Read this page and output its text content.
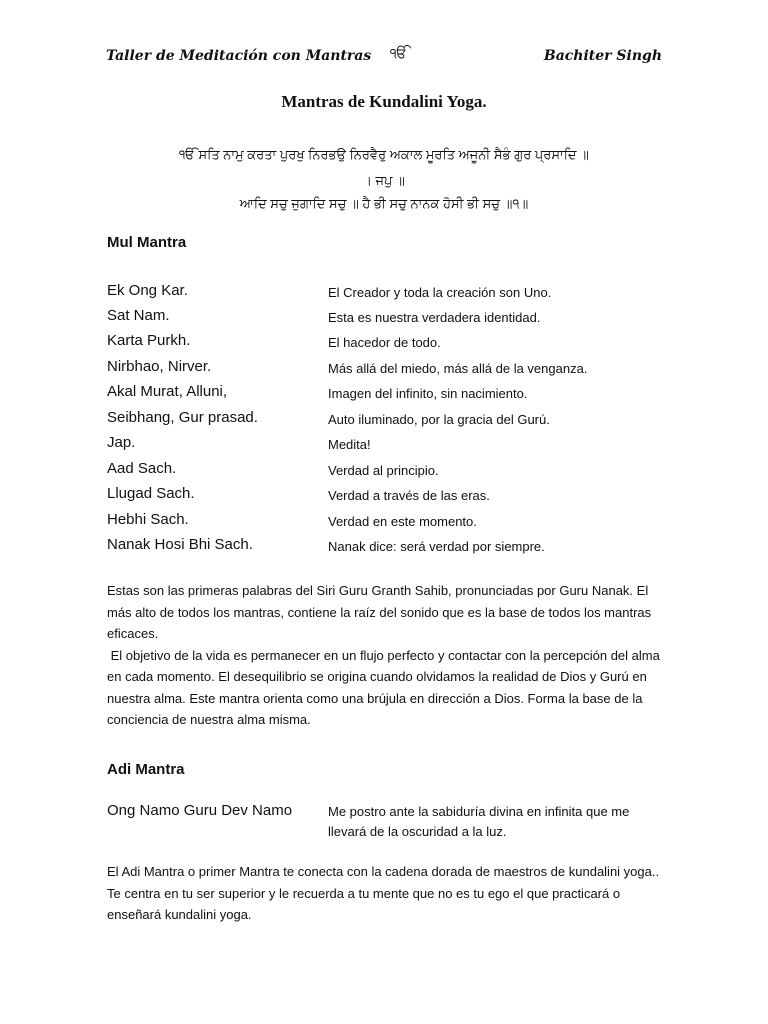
Taller de Meditación con Mantras ੴ	Bachiter Singh
Mantras de Kundalini Yoga.
ੴ ਸਤਿ ਨਾਮੁ ਕਰਤਾ ਪੁਰਖੁ ਨਿਰਭਉ ਨਿਰਵੈਰੁ ਅਕਾਲ ਮੂਰਤਿ ਅਜੂਨੀ ਸੈਭੰ ਗੁਰ ਪ੍ਰਸਾਦਿ ॥
। ਜਪੁ ॥
ਆਦਿ ਸਚੁ ਜੁਗਾਦਿ ਸਚੁ ॥ ਹੈ ਭੀ ਸਚੁ ਨਾਨਕ ਹੋਸੀ ਭੀ ਸਚੁ ॥੧॥
Mul Mantra
Ek Ong Kar.	El Creador y toda la creación son Uno.
Sat Nam.	Esta es nuestra verdadera identidad.
Karta Purkh.	El hacedor de todo.
Nirbhao, Nirver.	Más allá del miedo, más allá de la venganza.
Akal Murat, Alluni,	Imagen del infinito, sin nacimiento.
Seibhang, Gur prasad.	Auto iluminado, por la gracia del Gurú.
Jap.	Medita!
Aad Sach.	Verdad al principio.
Llugad Sach.	Verdad a través de las eras.
Hebhi Sach.	Verdad en este momento.
Nanak Hosi Bhi Sach.	Nanak dice: será verdad por siempre.

Estas son las primeras palabras del Siri Guru Granth Sahib, pronunciadas por Guru Nanak. El más alto de todos los mantras, contiene la raíz del sonido que es la base de todos los mantras eficaces.

El objetivo de la vida es permanecer en un flujo perfecto y contactar con la percepción del alma en cada momento. El desequilibrio se origina cuando olvidamos la realidad de Dios y Gurú en nuestra alma. Este mantra orienta como una brújula en dirección a Dios. Forma la base de la conciencia de nuestra alma misma.

Adi Mantra
Ong Namo Guru Dev Namo	Me postro ante la sabiduría divina en infinita que me llevará de la oscuridad a la luz.
El Adi Mantra o primer Mantra te conecta con la cadena dorada de maestros de kundalini yoga.. Te centra en tu ser superior y le recuerda a tu mente que no es tu ego el que practicará o enseñará kundalini yoga.
